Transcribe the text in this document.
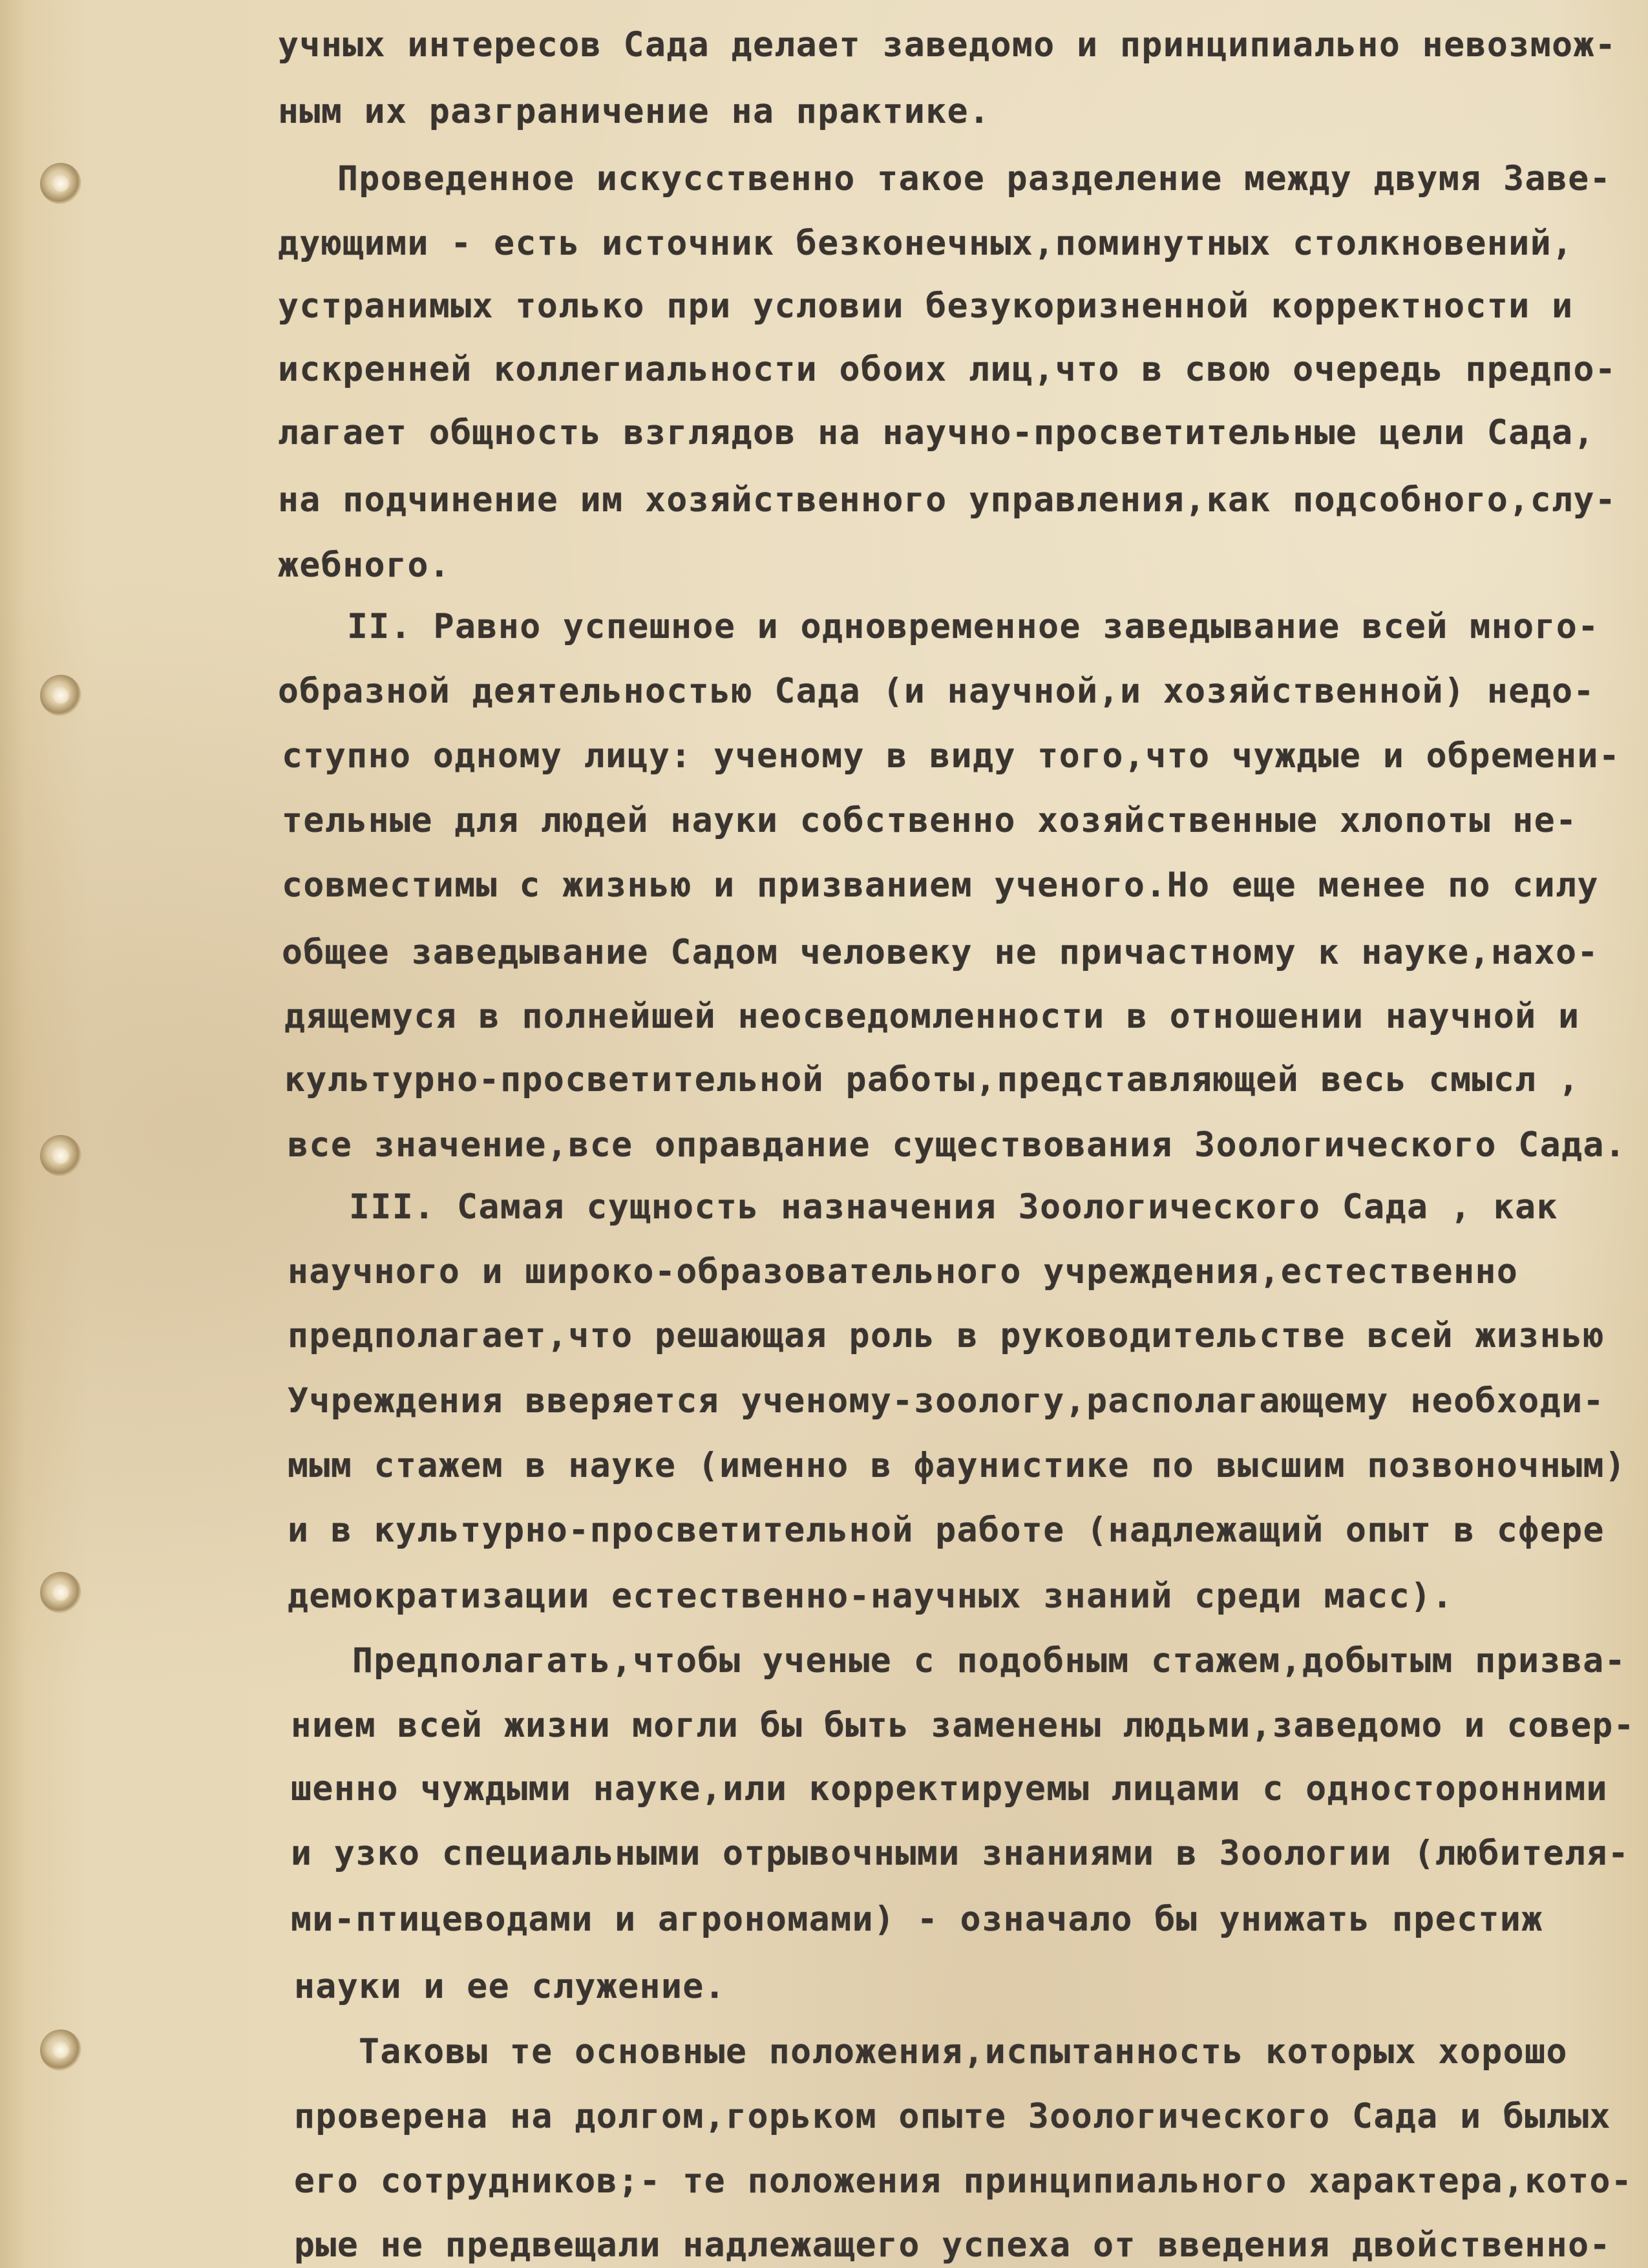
учных интересов Сада делает заведомо и принципиально невозмож-
ным их разграничение на практике.
Проведенное искусственно такое разделение между двумя Заве-
дующими - есть источник безконечных,поминутных столкновений,
устранимых только при условии безукоризненной корректности и
искренней коллегиальности обоих лиц,что в свою очередь предпо-
лагает общность взглядов на научно-просветительные цели Сада,
на подчинение им хозяйственного управления,как подсобного,слу-
жебного.
II. Равно успешное и одновременное заведывание всей много-
образной деятельностью Сада (и научной,и хозяйственной) недо-
ступно одному лицу: ученому в виду того,что чуждые и обремени-
тельные для людей науки собственно хозяйственные хлопоты не-
совместимы с жизнью и призванием ученого.Но еще менее по силу
общее заведывание Садом человеку не причастному к науке,нахо-
дящемуся в полнейшей неосведомленности в отношении научной и
культурно-просветительной работы,представляющей весь смысл ,
все значение,все оправдание существования Зоологического Сада.
III. Самая сущность назначения Зоологического Сада , как
научного и широко-образовательного учреждения,естественно
предполагает,что решающая роль в руководительстве всей жизнью
Учреждения вверяется ученому-зоологу,располагающему необходи-
мым стажем в науке (именно в фаунистике по высшим позвоночным)
и в культурно-просветительной работе (надлежащий опыт в сфере
демократизации естественно-научных знаний среди масс).
Предполагать,чтобы ученые с подобным стажем,добытым призва-
нием всей жизни могли бы быть заменены людьми,заведомо и совер-
шенно чуждыми науке,или корректируемы лицами с односторонними
и узко специальными отрывочными знаниями в Зоологии (любителя-
ми-птицеводами и агрономами) - означало бы унижать престиж
науки и ее служение.
Таковы те основные положения,испытанность которых хорошо
проверена на долгом,горьком опыте Зоологического Сада и былых
его сотрудников;- те положения принципиального характера,кото-
рые не предвещали надлежащего успеха от введения двойственно-
